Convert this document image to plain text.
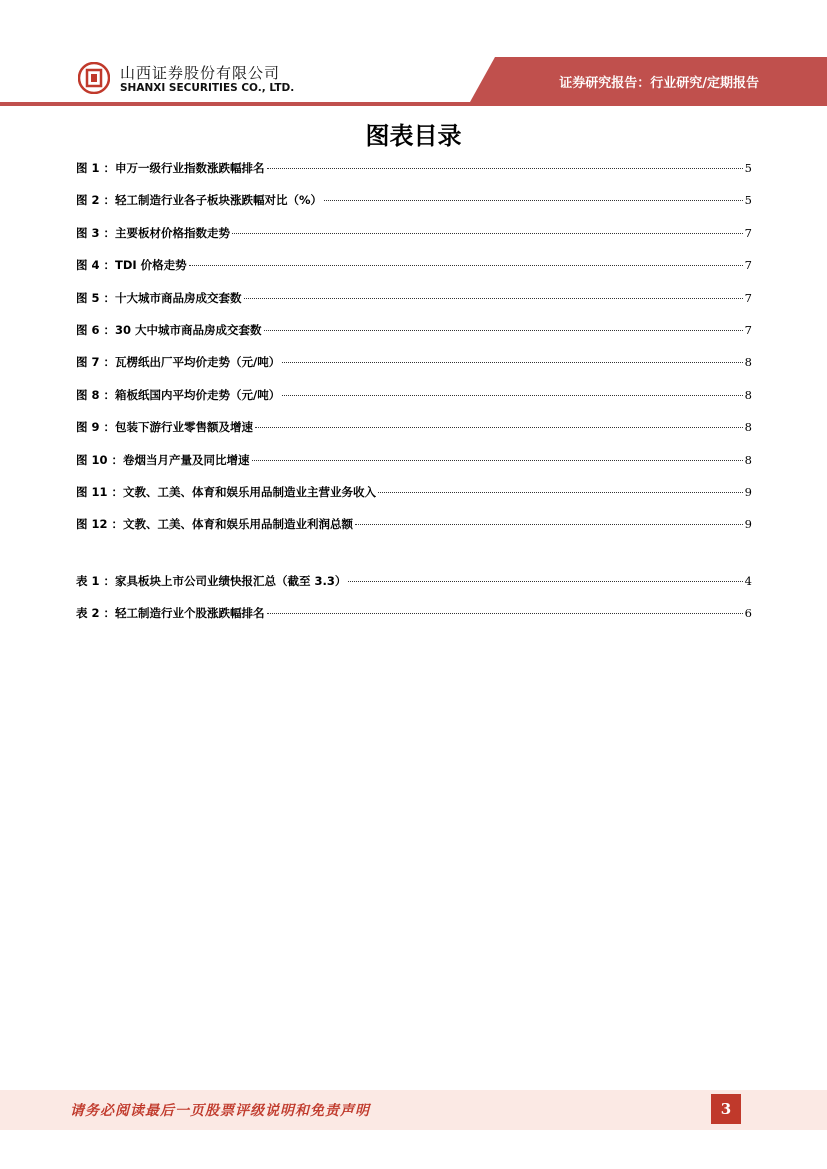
山西证券股份有限公司
SHANXI SECURITIES CO., LTD.	证券研究报告：行业研究/定期报告
图表目录
图 1 ：申万一级行业指数涨跌幅排名	5
图 2 ：轻工制造行业各子板块涨跌幅对比（%）	5
图 3 ：主要板材价格指数走势	7
图 4 ：TDI 价格走势	7
图 5 ：十大城市商品房成交套数	7
图 6 ：30 大中城市商品房成交套数	7
图 7 ：瓦楞纸出厂平均价走势（元/吨）	8
图 8 ：箱板纸国内平均价走势（元/吨）	8
图 9 ：包装下游行业零售额及增速	8
图 10 ：卷烟当月产量及同比增速	8
图 11 ：文教、工美、体育和娱乐用品制造业主营业务收入	9
图 12 ：文教、工美、体育和娱乐用品制造业利润总额	9
表 1 ：家具板块上市公司业绩快报汇总（截至 3.3）	4
表 2 ：轻工制造行业个股涨跌幅排名	6
请务必阅读最后一页股票评级说明和免责声明	3
